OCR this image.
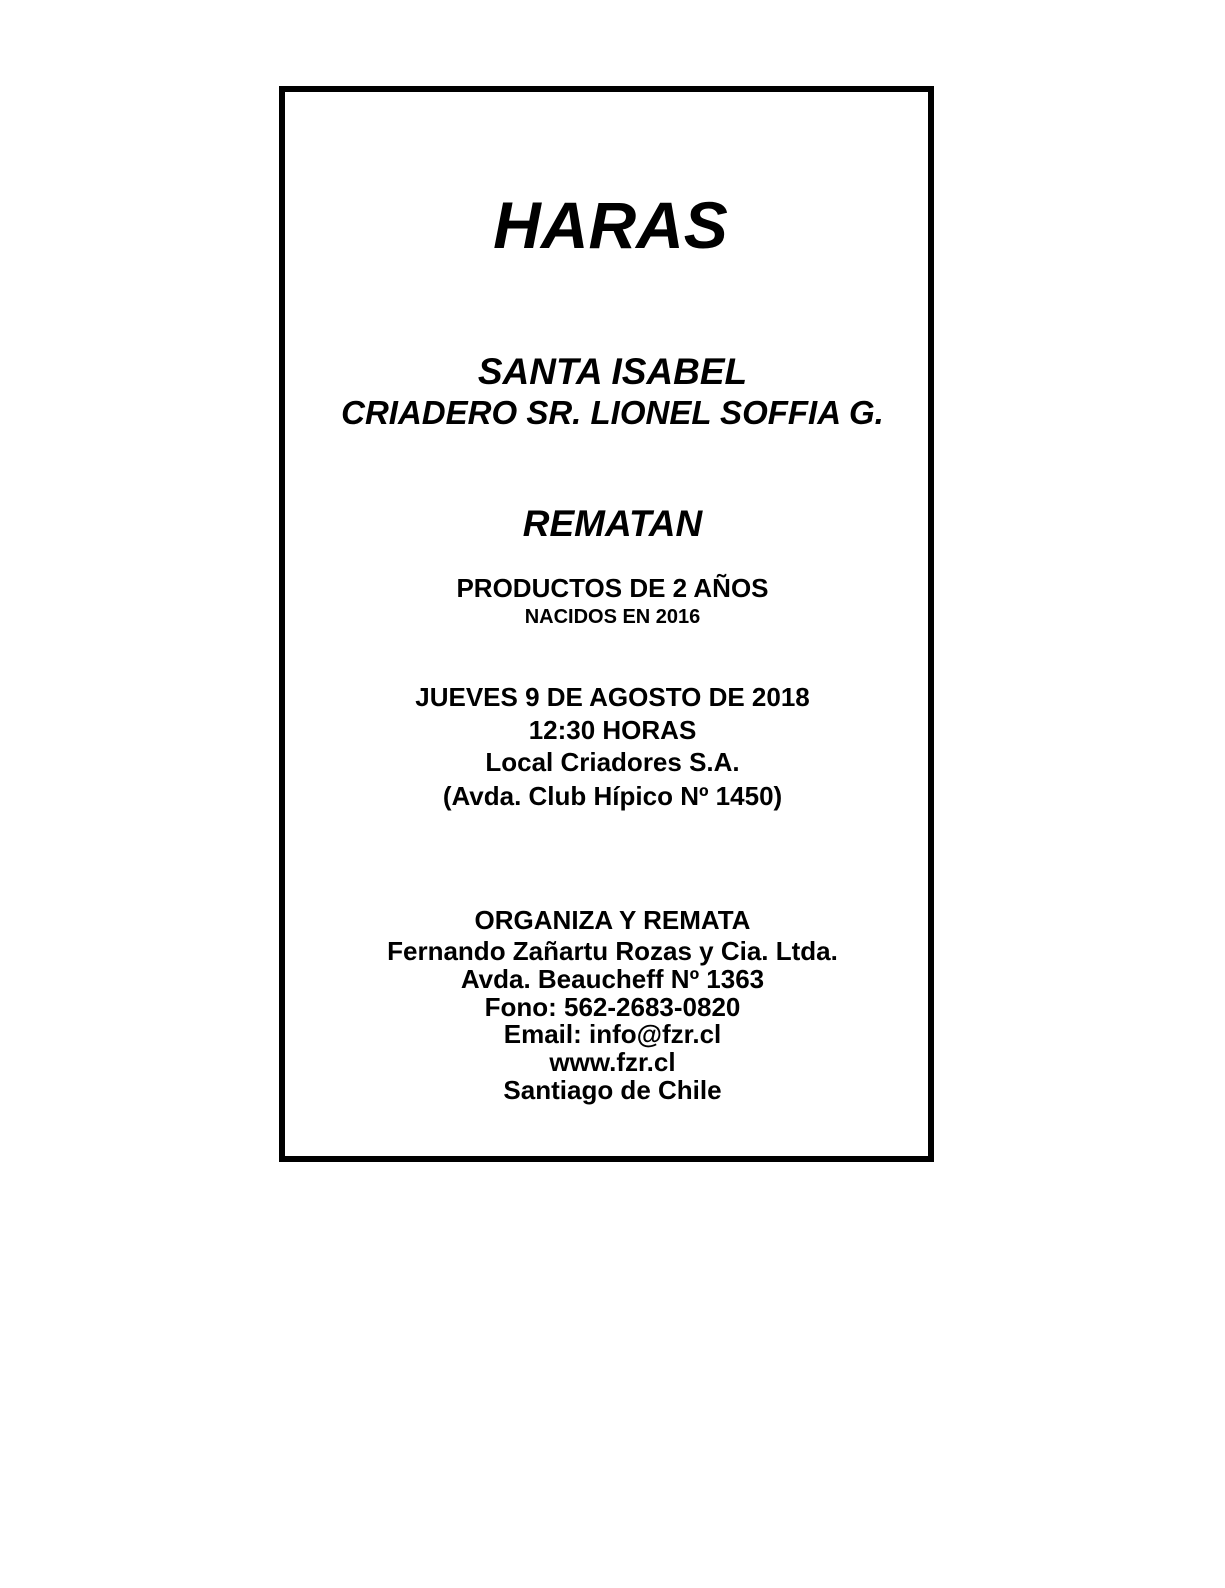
HARAS
SANTA ISABEL
CRIADERO SR. LIONEL SOFFIA G.
REMATAN
PRODUCTOS DE 2 AÑOS
NACIDOS EN 2016
JUEVES 9 DE AGOSTO DE 2018
12:30 HORAS
Local Criadores S.A.
(Avda. Club Hípico Nº 1450)
ORGANIZA Y REMATA
Fernando Zañartu Rozas y Cia. Ltda.
Avda. Beaucheff Nº 1363
Fono: 562-2683-0820
Email: info@fzr.cl
www.fzr.cl
Santiago de Chile
